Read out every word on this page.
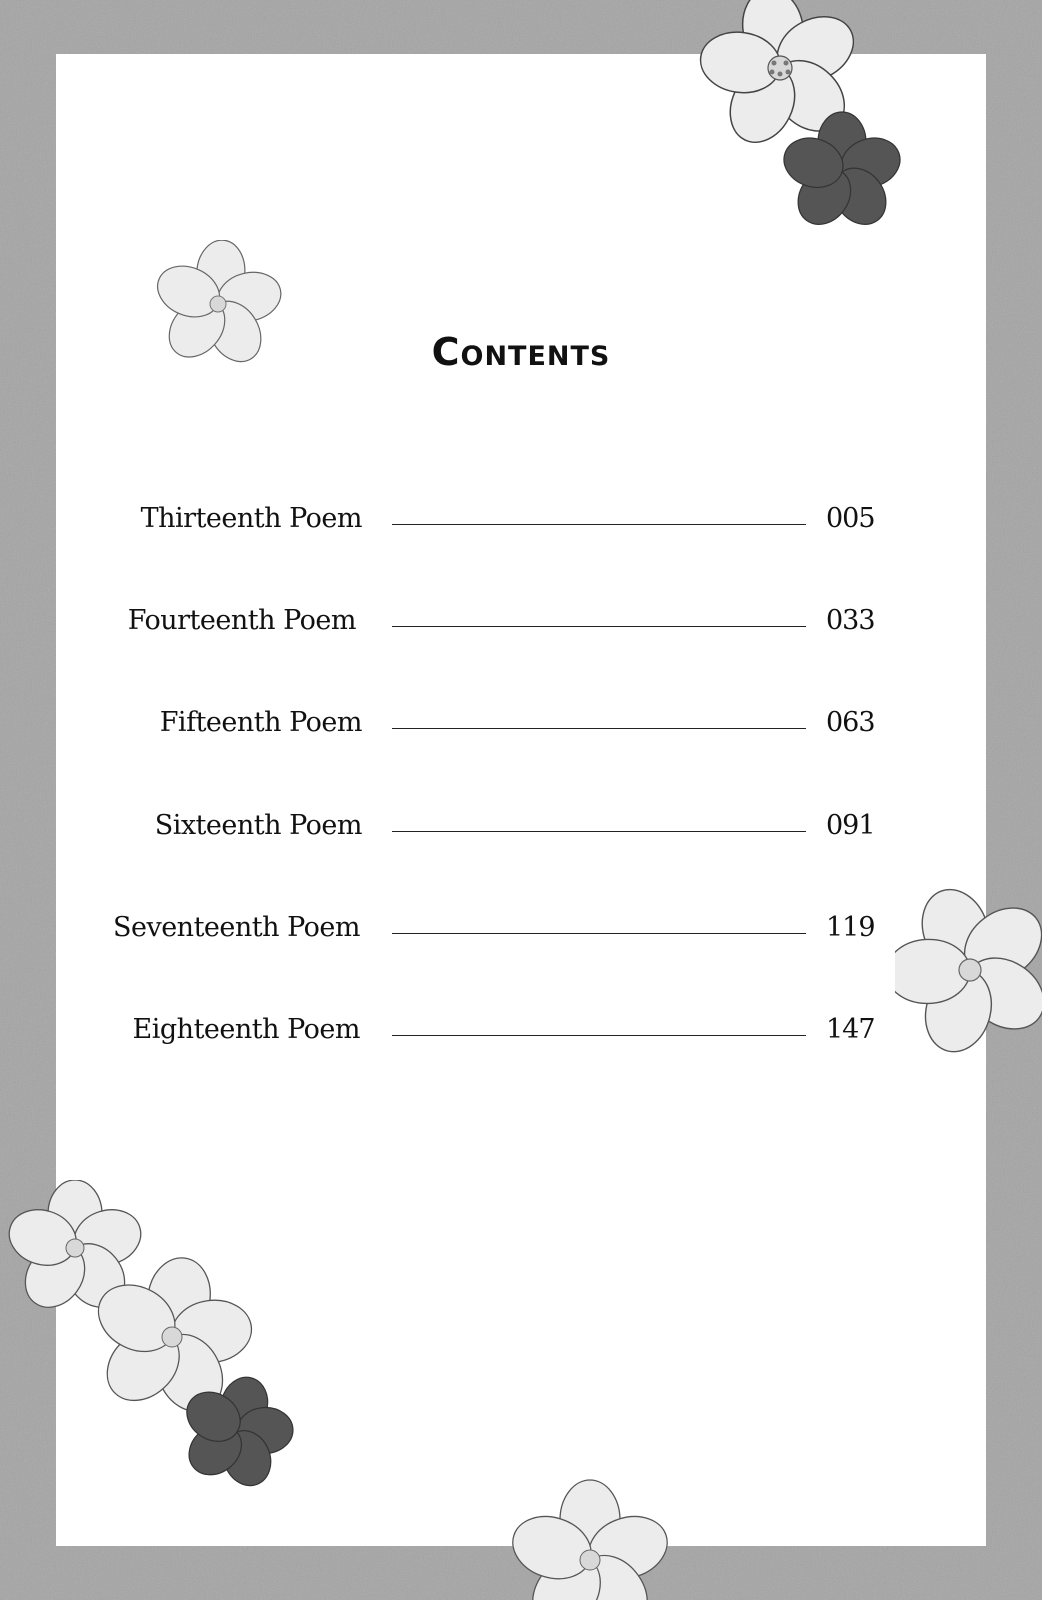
Contents
Thirteenth Poem	005
Fourteenth Poem	033
Fifteenth Poem	063
Sixteenth Poem	091
Seventeenth Poem	119
Eighteenth Poem	147
